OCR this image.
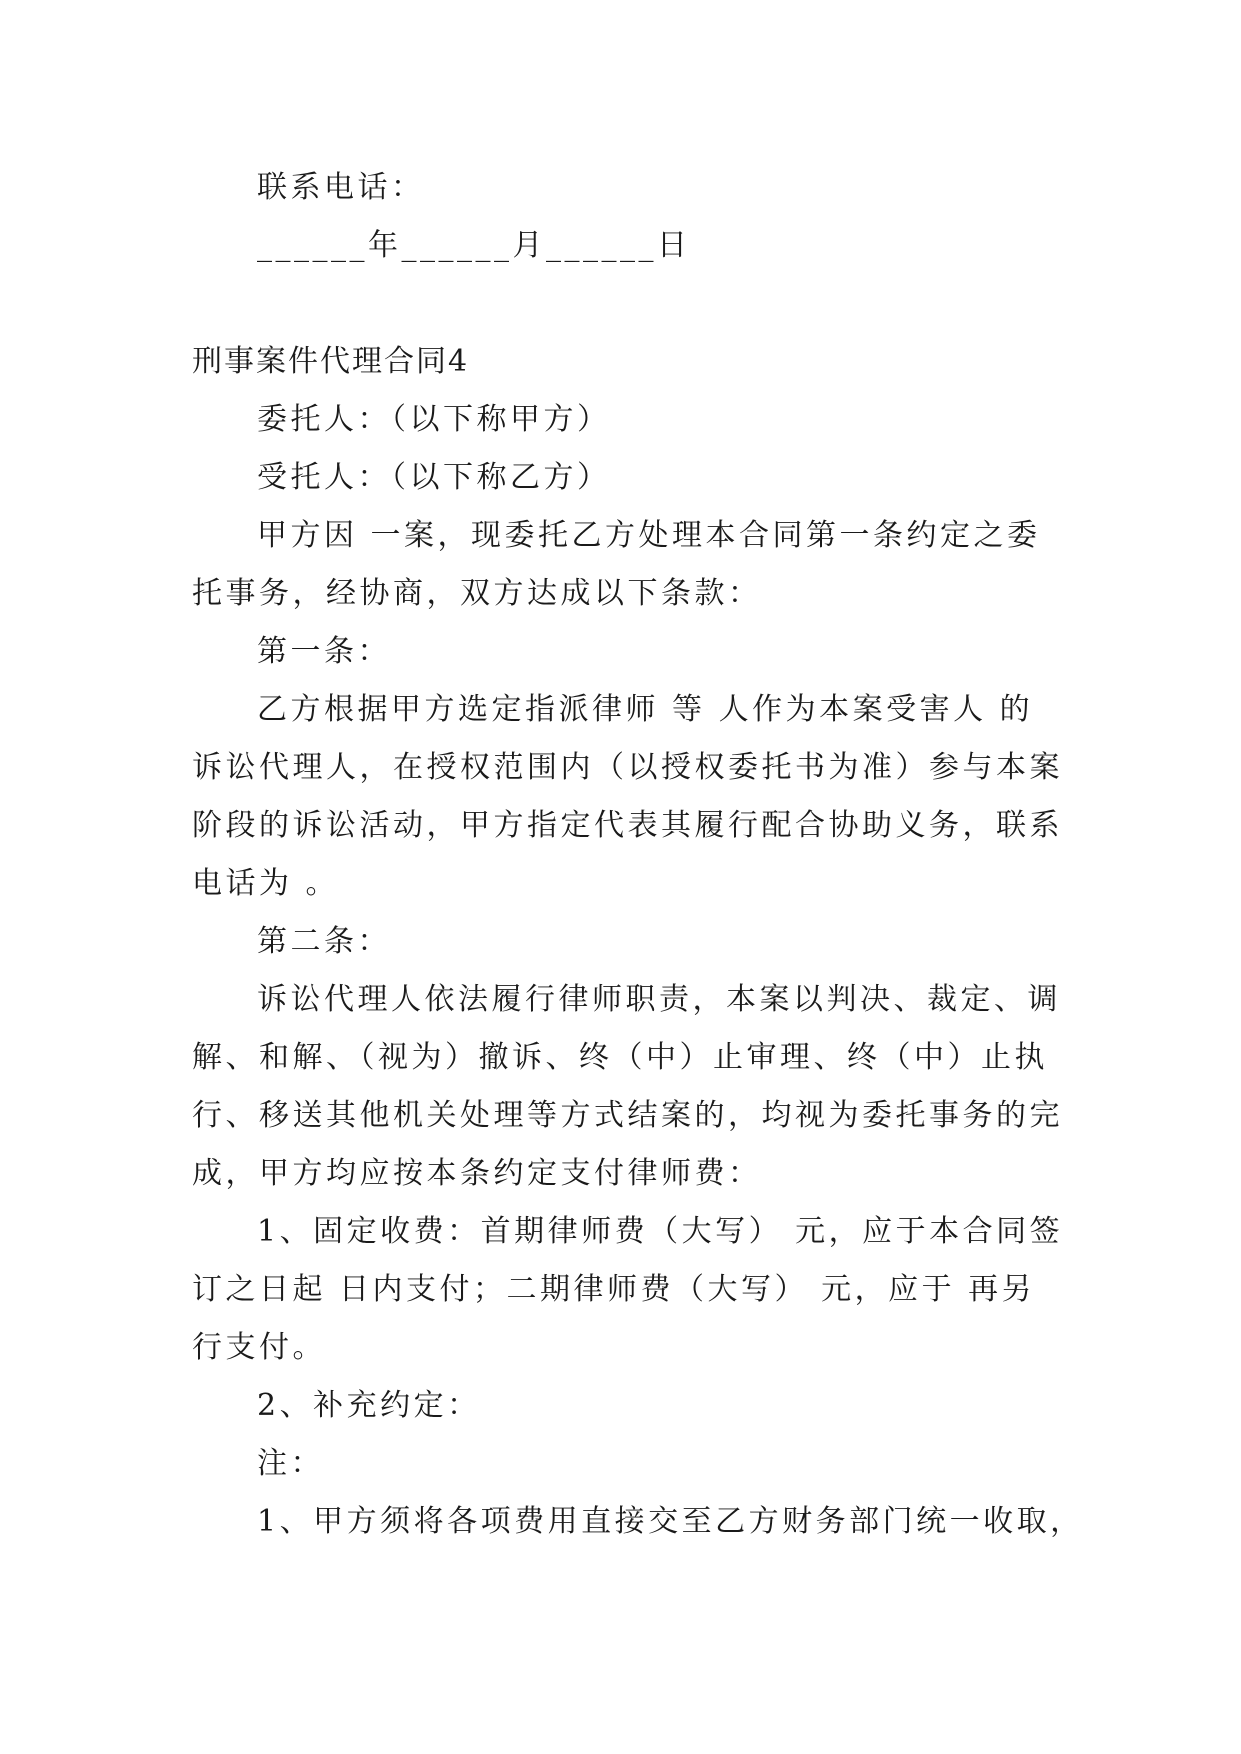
联系电话：
______年______月______日
刑事案件代理合同4
委托人：（以下称甲方）
受托人：（以下称乙方）
甲方因 一案，现委托乙方处理本合同第一条约定之委
托事务，经协商，双方达成以下条款：
第一条：
乙方根据甲方选定指派律师 等 人作为本案受害人 的
诉讼代理人，在授权范围内（以授权委托书为准）参与本案
阶段的诉讼活动，甲方指定代表其履行配合协助义务，联系
电话为 。
第二条：
诉讼代理人依法履行律师职责，本案以判决、裁定、调
解、和解、（视为）撤诉、终（中）止审理、终（中）止执
行、移送其他机关处理等方式结案的，均视为委托事务的完
成，甲方均应按本条约定支付律师费：
1、固定收费：首期律师费（大写） 元，应于本合同签
订之日起 日内支付；二期律师费（大写） 元，应于 再另
行支付。
2、补充约定：
注：
1、甲方须将各项费用直接交至乙方财务部门统一收取，
